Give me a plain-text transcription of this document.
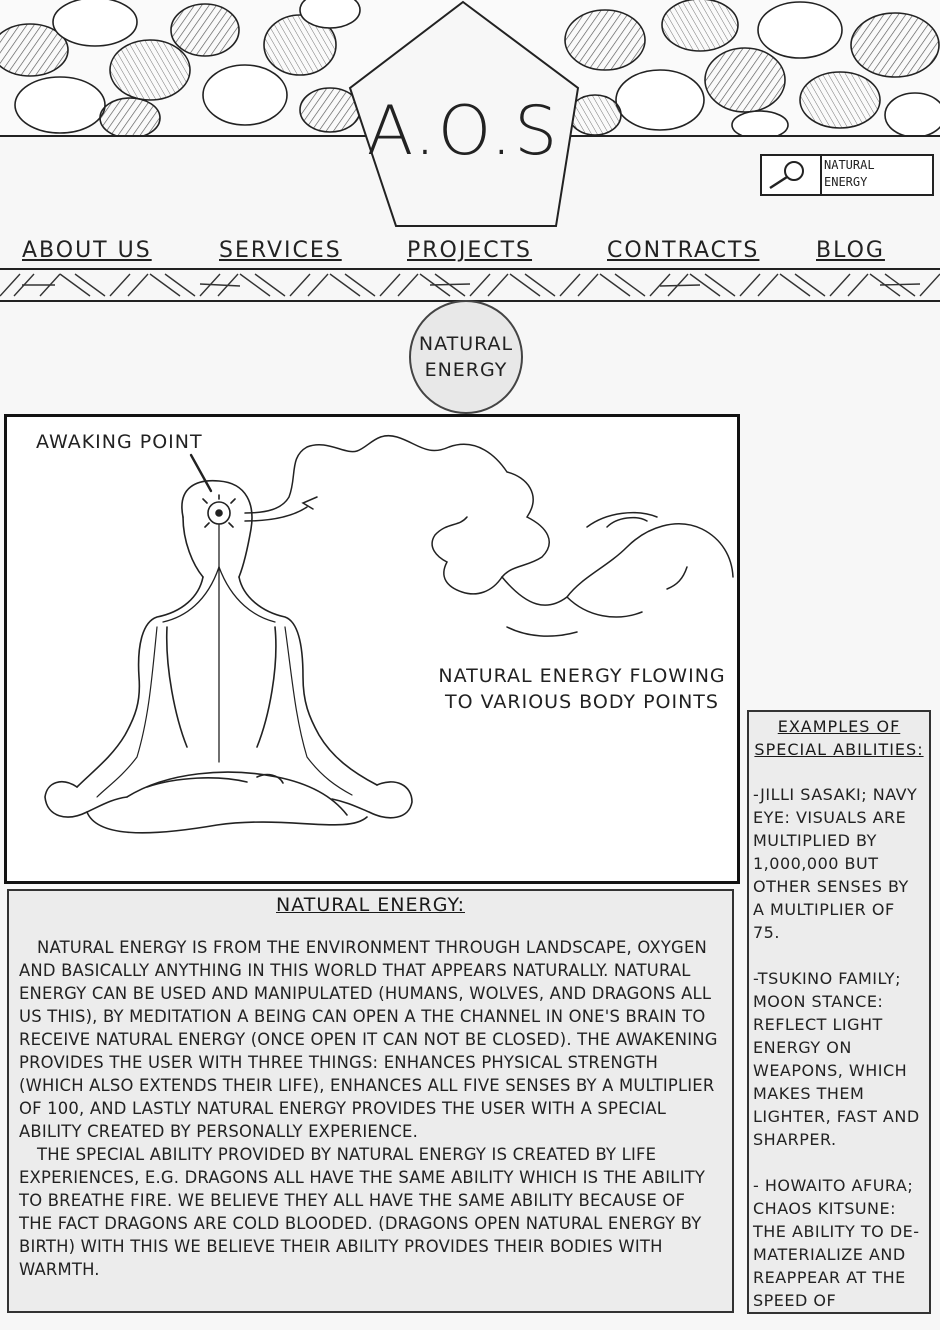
A.O.S
NATURAL ENERGY
ABOUT US	SERVICES	PROJECTS	CONTRACTS	BLOG
NATURAL
ENERGY
AWAKING POINT
NATURAL ENERGY FLOWING TO VARIOUS BODY POINTS
NATURAL ENERGY:

NATURAL ENERGY IS FROM THE ENVIRONMENT THROUGH LANDSCAPE, OXYGEN AND BASICALLY ANYTHING IN THIS WORLD THAT APPEARS NATURALLY. NATURAL ENERGY CAN BE USED AND MANIPULATED (HUMANS, WOLVES, AND DRAGONS ALL US THIS), BY MEDITATION A BEING CAN OPEN A THE CHANNEL IN ONE'S BRAIN TO RECEIVE NATURAL ENERGY (ONCE OPEN IT CAN NOT BE CLOSED). THE AWAKENING PROVIDES THE USER WITH THREE THINGS: ENHANCES PHYSICAL STRENGTH (WHICH ALSO EXTENDS THEIR LIFE), ENHANCES ALL FIVE SENSES BY A MULTIPLIER OF 100, AND LASTLY NATURAL ENERGY PROVIDES THE USER WITH A SPECIAL ABILITY CREATED BY PERSONALLY EXPERIENCE.

THE SPECIAL ABILITY PROVIDED BY NATURAL ENERGY IS CREATED BY LIFE EXPERIENCES, E.G. DRAGONS ALL HAVE THE SAME ABILITY WHICH IS THE ABILITY TO BREATHE FIRE. WE BELIEVE THEY ALL HAVE THE SAME ABILITY BECAUSE OF THE FACT DRAGONS ARE COLD BLOODED. (DRAGONS OPEN NATURAL ENERGY BY BIRTH) WITH THIS WE BELIEVE THEIR ABILITY PROVIDES THEIR BODIES WITH WARMTH.

EXAMPLES OF SPECIAL ABILITIES:
-JILLI SASAKI; NAVY EYE: VISUALS ARE MULTIPLIED BY 1,000,000 BUT OTHER SENSES BY A MULTIPLIER OF 75.
-TSUKINO FAMILY; MOON STANCE: REFLECT LIGHT ENERGY ON WEAPONS, WHICH MAKES THEM LIGHTER, FAST AND SHARPER.
- HOWAITO AFURA; CHAOS KITSUNE: THE ABILITY TO DE-MATERIALIZE AND REAPPEAR AT THE SPEED OF
